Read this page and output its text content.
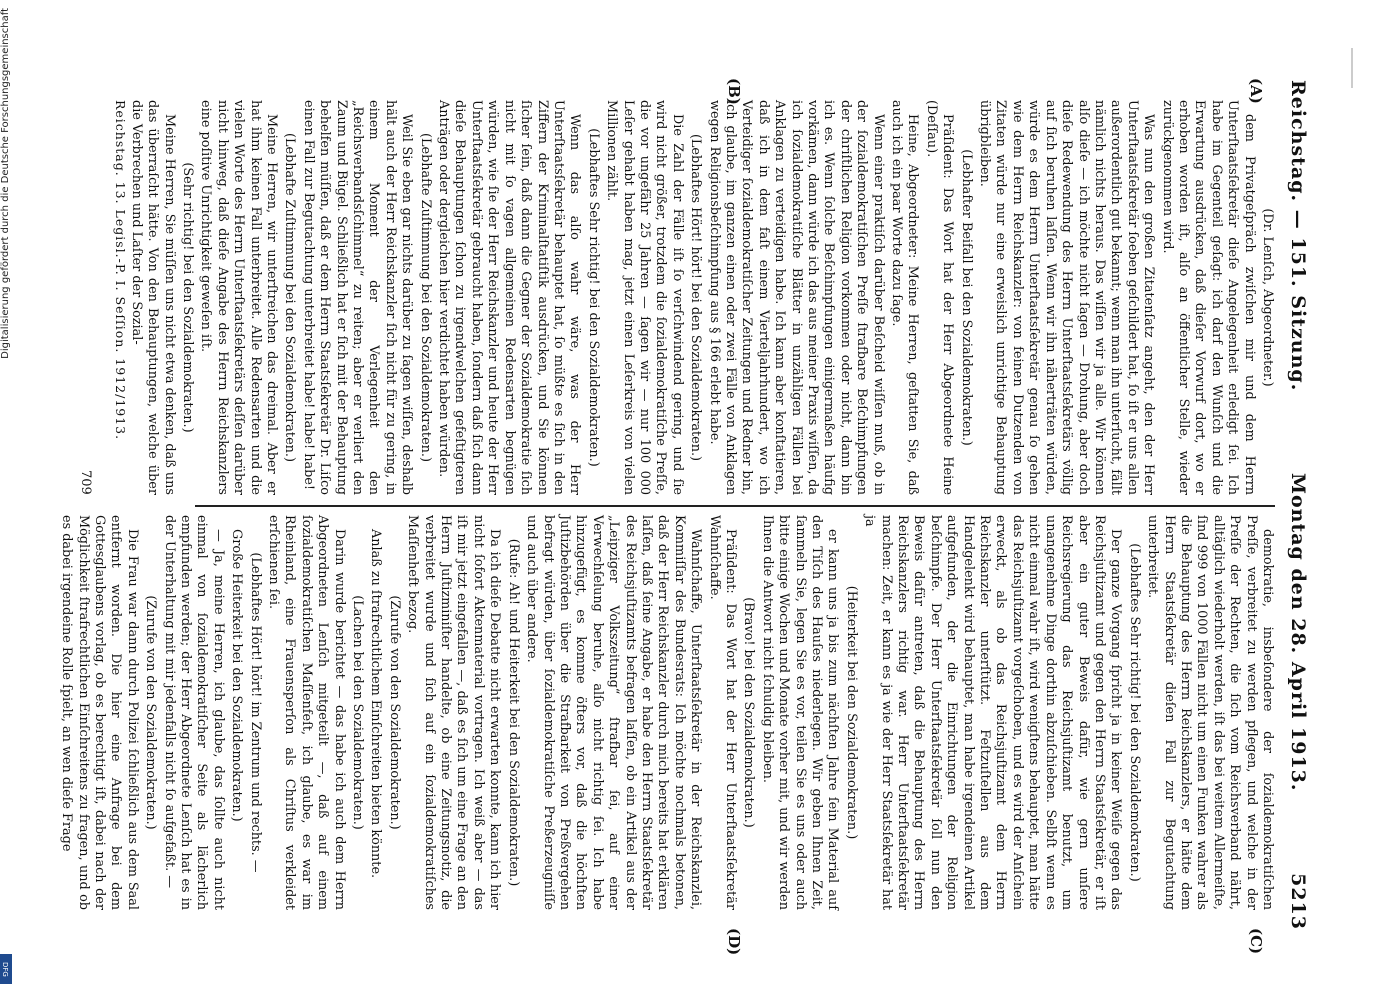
Reichstag. — 151. Sitzung.
Montag den 28. April 1913.
5213
(A)
(B)
(C)
(D)

(Dr. Lenſch, Abgeordneter.)

dem Privatgeſpräch zwiſchen mir und dem Herrn Unterſtaatsſekretär dieſe Angelegenheit erledigt ſei. Ich habe im Gegenteil geſagt: ich darf den Wunſch und die Erwartung ausdrücken, daß dieſer Vorwurf dort, wo er erhoben worden iſt, alſo an öffentlicher Stelle, wieder zurückgenommen wird.

Was nun den großen Zitatenſatz angeht, den der Herr Unterſtaatsſekretär ſoeben geſchildert hat, ſo iſt er uns allen außerordentlich gut bekannt; wenn man ihn unterſucht, fällt nämlich nichts heraus. Das wiſſen wir ja alle. Wir können alſo dieſe — ich möchte nicht ſagen — Drohung, aber doch dieſe Redewendung des Herrn Unterſtaatsſekretärs völlig auf ſich beruhen laſſen. Wenn wir ihn näherträten würden, würde es dem Herrn Unterſtaatsſekretär genau ſo gehen wie dem Herrn Reichskanzler: von feinen Dutzenden von Zitaten würde nur eine erweislich unrichtige Behauptung übrigbleiben.

(Lebhafter Beifall bei den Sozialdemokraten.)

Präſident: Das Wort hat der Herr Abgeordnete Heine (Deſſau).

Heine, Abgeordneter: Meine Herren, geſtatten Sie, daß auch ich ein paar Worte dazu ſage.

Wenn einer praktiſch darüber Beſcheid wiſſen muß, ob in der ſozialdemokratiſchen Preſſe ſtrafbare Beſchimpfungen der chriſtlichen Religion vorkommen oder nicht, dann bin ich es. Wenn ſolche Beſchimpfungen einigermaßen häufig vorkämen, dann würde ich das aus meiner Praxis wiſſen, da ich ſozialdemokratiſche Blätter in unzähligen Fällen bei Anklagen zu verteidigen habe. Ich kann aber konſtatieren, daß ich in dem faſt einem Vierteljahrhundert, wo ich Verteidiger ſozialdemokratiſcher Zeitungen und Redner bin, ich glaube, im ganzen einen oder zwei Fälle von Anklagen wegen Religionsbeſchimpfung aus § 166 erlebt habe.

(Lebhaftes Hört! hört! bei den Sozialdemokraten.)

Die Zahl der Fälle iſt ſo verſchwindend gering, und ſie wird nicht größer, trotzdem die ſozialdemokratiſche Preſſe, die vor ungefähr 25 Jahren — ſagen wir — nur 100 000 Leſer gehabt haben mag, jetzt einen Leſerkreis von vielen Millionen zählt.

(Lebhaftes Sehr richtig! bei den Sozialdemokraten.)

Wenn das alſo wahr wäre, was der Herr Unterſtaatsſekretär behauptet hat, ſo müßte es ſich in den Ziffern der Kriminalſtatiſtik ausdrücken, und Sie können ſicher ſein, daß dann die Gegner der Sozialdemokratie ſich nicht mit ſo vagen allgemeinen Redensarten begnügen würden, wie ſie der Herr Reichskanzler und heute der Herr Unterſtaatsſekretär gebraucht haben, ſondern daß ſich dann dieſe Behauptungen ſchon zu irgendwelchen gefeſtigteren Anträgen oder dergleichen hier verdichtet haben würden.

(Lebhafte Zuſtimmung bei den Sozialdemokraten.)

Weil Sie eben gar nichts darüber zu ſagen wiſſen, deshalb hält auch der Herr Reichskanzler ſich nicht für zu gering, in einem Moment der Verlegenheit den „Reichsverbandsſchimmel“ zu reiten; aber er verliert den Zaum und Bügel. Schließlich hat er ſich mit der Behauptung behelfen müſſen, daß er dem Herrn Staatsſekretär Dr. Liſco einen Fall zur Begutachtung unterbreitet habe! habe! habe!

(Lebhafte Zuſtimmung bei den Sozialdemokraten.)

Meine Herren, wir unterſtreichen das dreimal. Aber er hat ihm keinen Fall unterbreitet. Alle Redensarten und die vielen Worte des Herrn Unterſtaatsſekretärs deſſen darüber nicht hinweg, daß dieſe Angabe des Herrn Reichskanzlers eine poſitive Unrichtigkeit geweſen iſt.

(Sehr richtig! bei den Sozialdemokraten.)

Meine Herren, Sie müſſen uns nicht etwa denken, daß uns das überraſcht hätte. Von den Behauptungen, welche über die Verbrechen und Laſter der Sozial-

demokratie, insbeſondere der ſozialdemokratiſchen Preſſe, verbreitet zu werden pflegen, und welche in der Preſſe der Rechten, die ſich vom Reichsverband nährt, alltäglich wiederholt werden, iſt das bei weitem Allermeiſte, ſind 999 von 1000 Fällen nicht um einen Funken wahrer als die Behauptung des Herrn Reichskanzlers, er hätte dem Herrn Staatsſekretär dieſen Fall zur Begutachtung unterbreitet.

(Lebhaftes Sehr richtig! bei den Sozialdemokraten.)

Der ganze Vorgang ſpricht ja in keiner Weiſe gegen das Reichsjuſtizamt und gegen den Herrn Staatsſekretär, er iſt aber ein guter Beweis dafür, wie gern unſere Reichsregierung das Reichsjuſtizamt benutzt, um unangenehme Dinge dorthin abzuſchieben. Selbſt wenn es nicht einmal wahr iſt, wird wenigſtens behauptet, man hätte das Reichsjuſtizamt vorgeſchoben, und es wird der Anſchein erweckt, als ob das Reichsjuſtizamt dem Herrn Reichskanzler unterſtützt. Feſtzuſtellen aus dem Handgelenkt wird behauptet, man habe irgendeinen Artikel aufgefunden, der die Einrichtungen der Religion beſchimpfe. Der Herr Unterſtaatsſekretär ſoll nun den Beweis dafür antreten, daß die Behauptung des Herrn Reichskanzlers richtig war. Herr Unterſtaatsſekretär machen: Zeit, er kann es ja wie der Herr Staatsſekretär hat ja

(Heiterkeit bei den Sozialdemokraten.)

er kann uns ja bis zum nächſten Jahre ſein Material auf den Tiſch des Hauſes niederlegen. Wir geben Ihnen Zeit, ſammeln Sie, legen Sie es vor, teilen Sie es uns oder auch bitte einige Wochen und Monate vorher mit, und wir werden Ihnen die Antwort nicht ſchuldig bleiben.

(Bravo! bei den Sozialdemokraten.)

Präſident: Das Wort hat der Herr Unterſtaatsſekretär Wahnſchaffe.

Wahnſchaffe, Unterſtaatsſekretär in der Reichskanzlei, Kommiſſar des Bundesrats: Ich möchte nochmals betonen, daß der Herr Reichskanzler durch mich bereits hat erklären laſſen, daß ſeine Angabe, er habe den Herrn Staatsſekretär des Reichsjuſtizamts befragen laſſen, ob ein Artikel aus der „Leipziger Volkszeitung“ ſtrafbar ſei, auf einer Verwechſelung beruhe, alſo nicht richtig ſei. Ich habe hinzugefügt, es komme öfters vor, daß die höchſten Juſtizbehörden über die Strafbarkeit von Preßvergehen befragt würden, über ſozialdemokratiſche Preßerzeugniſſe und auch über andere.

(Rufe: Ah! und Heiterkeit bei den Sozialdemokraten.)

Da ich dieſe Debatte nicht erwarten konnte, kann ich hier nicht ſofort Aktenmaterial vortragen. Ich weiß aber — das iſt mir jetzt eingefallen —, daß es ſich um eine Frage an den Herrn Juſtizminiſter handelte, ob eine Zeitungsnotiz, die verbreitet wurde und ſich auf ein ſozialdemokratiſches Maſſenheft bezog.

(Zurufe von den Sozialdemokraten.)

Anlaß zu ſtrafrechtlichem Einſchreiten bieten könnte.

(Lachen bei den Sozialdemokraten.)

Darin wurde berichtet — das habe ich auch dem Herrn Abgeordneten Lenſch mitgeteilt —, daß auf einem ſozialdemokratiſchen Maſſenfeſt, ich glaube, es war im Rheinland, eine Frauensperſon als Chriſtus verkleidet erſchienen ſei.

(Lebhaftes Hört! hört! im Zentrum und rechts. —

Große Heiterkeit bei den Sozialdemokraten.)

— Ja, meine Herren, ich glaube, das ſollte auch nicht einmal von ſozialdemokratiſcher Seite als lächerlich empfunden werden; der Herr Abgeordnete Lenſch hat es in der Unterhaltung mit mir jedenfalls nicht ſo aufgefaßt. —

(Zurufe von den Sozialdemokraten.)

Die Frau war dann durch Polizei ſchließlich aus dem Saal entfernt worden. Die hier eine Anfrage bei dem Gottesglaubens vorlag, ob es berechtigt iſt, dabei nach der Möglichkeit ſtrafrechtlichen Einſchreitens zu fragen, und ob es dabei irgendeine Rolle ſpielt, an wen dieſe Frage

Reichstag. 13. Legisl.-P. I. Seſſion. 1912/1913.
709
Digitalisierung gefördert durch die Deutsche Forschungsgemeinschaft
DFG
